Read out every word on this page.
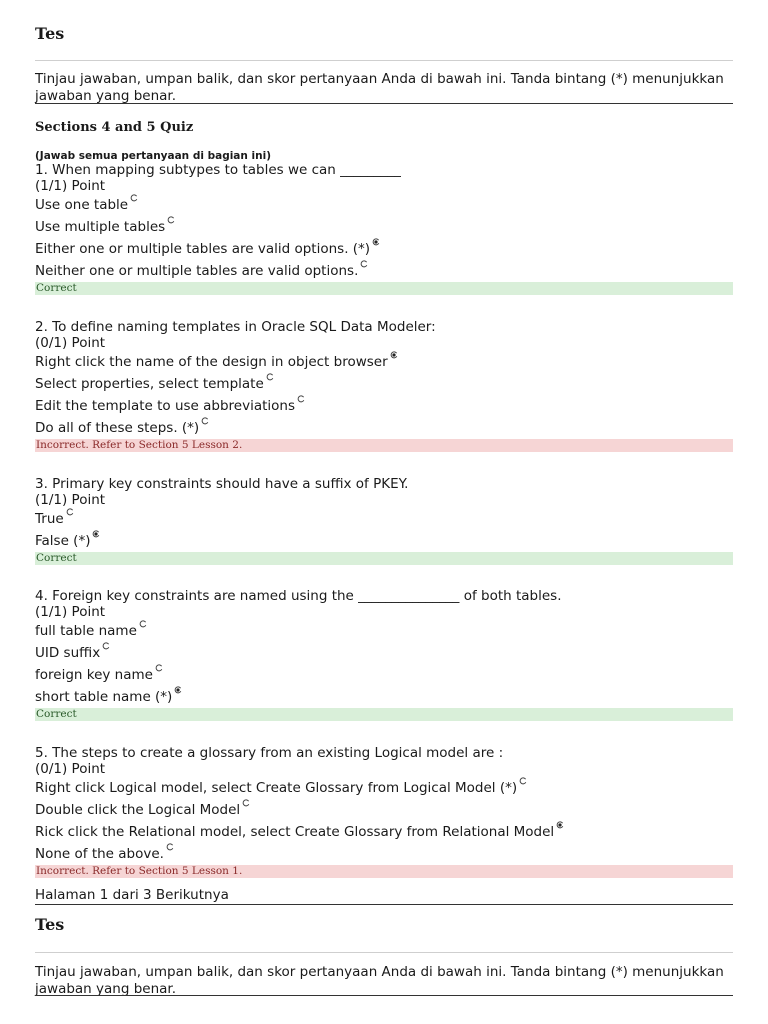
Tes
Tinjau jawaban, umpan balik, dan skor pertanyaan Anda di bawah ini. Tanda bintang (*) menunjukkan jawaban yang benar.
Sections 4 and 5 Quiz
(Jawab semua pertanyaan di bagian ini)
1. When mapping subtypes to tables we can _________
(1/1) Point
Use one table
Use multiple tables
Either one or multiple tables are valid options. (*)
Neither one or multiple tables are valid options.
Correct
2. To define naming templates in Oracle SQL Data Modeler:
(0/1) Point
Right click the name of the design in object browser
Select properties, select template
Edit the template to use abbreviations
Do all of these steps. (*)
Incorrect. Refer to Section 5 Lesson 2.
3. Primary key constraints should have a suffix of PKEY.
(1/1) Point
True
False (*)
Correct
4. Foreign key constraints are named using the _______________ of both tables.
(1/1) Point
full table name
UID suffix
foreign key name
short table name (*)
Correct
5. The steps to create a glossary from an existing Logical model are :
(0/1) Point
Right click Logical model, select Create Glossary from Logical Model (*)
Double click the Logical Model
Rick click the Relational model, select Create Glossary from Relational Model
None of the above.
Incorrect. Refer to Section 5 Lesson 1.
Halaman 1 dari 3 Berikutnya
Tes
Tinjau jawaban, umpan balik, dan skor pertanyaan Anda di bawah ini. Tanda bintang (*) menunjukkan jawaban yang benar.
